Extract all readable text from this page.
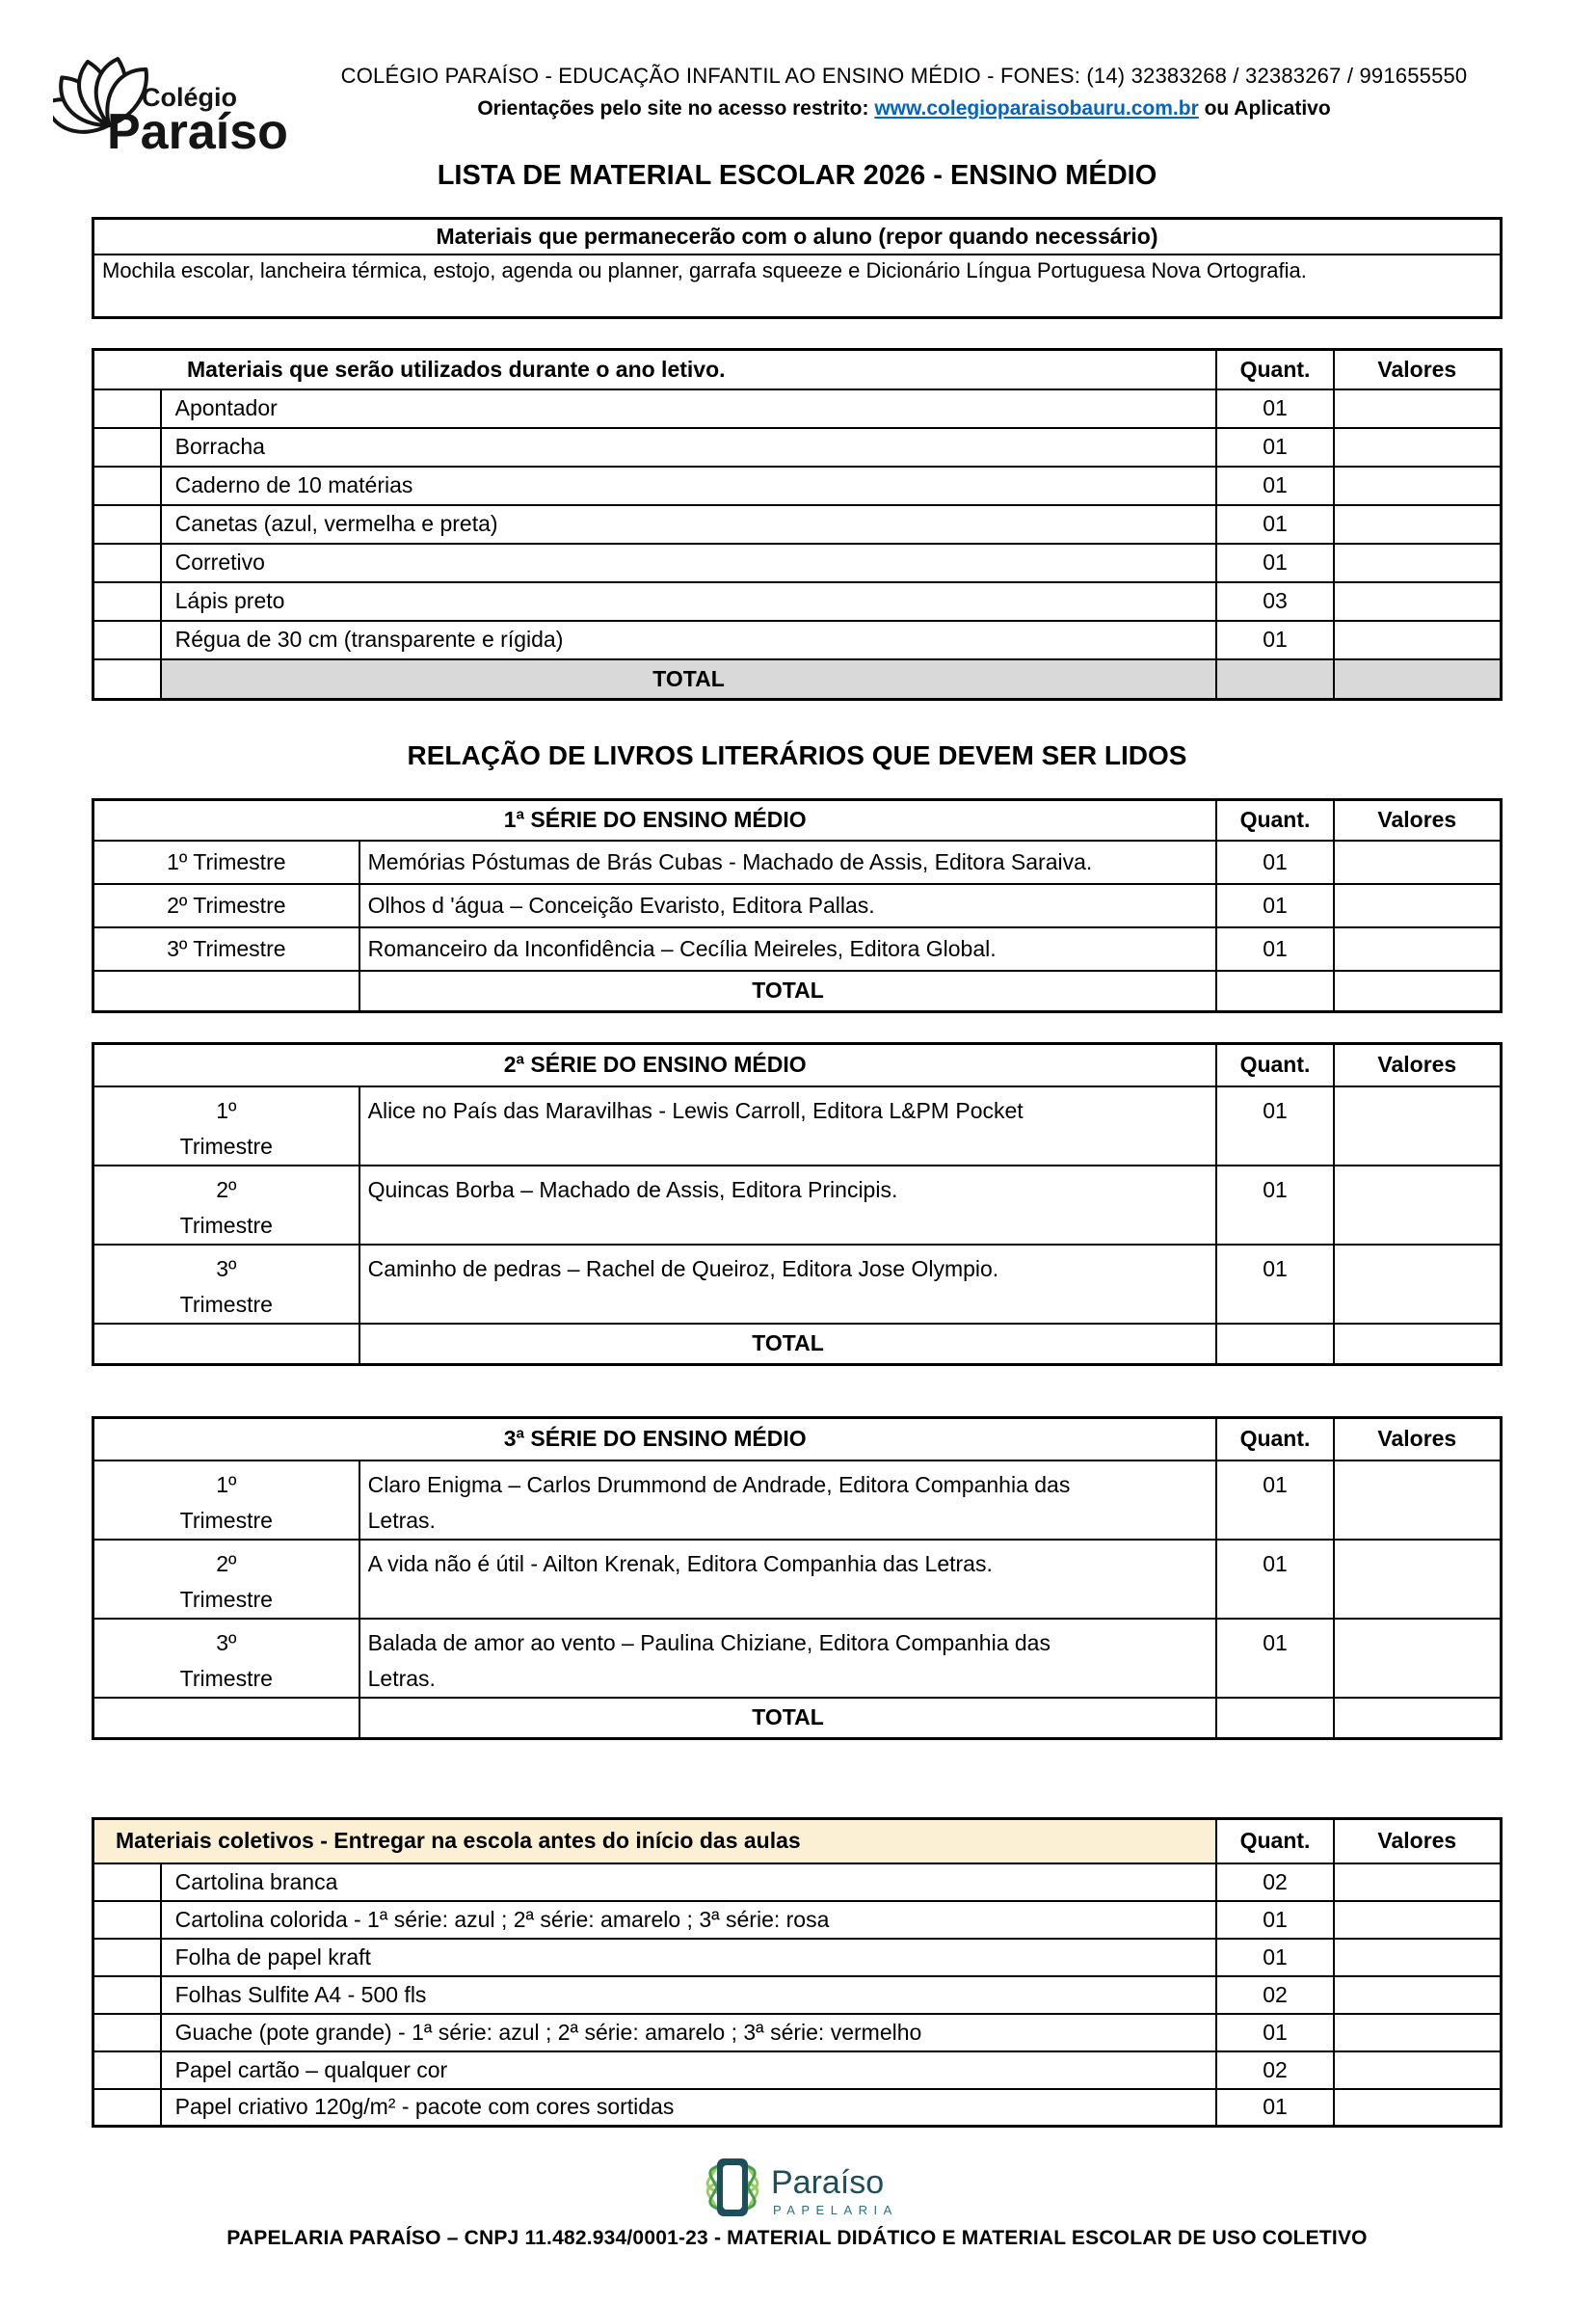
Colégio
Paraíso
COLÉGIO PARAÍSO - EDUCAÇÃO INFANTIL AO ENSINO MÉDIO - FONES: (14) 32383268 / 32383267 / 991655550
Orientações pelo site no acesso restrito: www.colegioparaisobauru.com.br ou Aplicativo
LISTA DE MATERIAL ESCOLAR 2026 - ENSINO MÉDIO
Materiais que permanecerão com o aluno (repor quando necessário)
Mochila escolar, lancheira térmica, estojo, agenda ou planner, garrafa squeeze e Dicionário Língua Portuguesa Nova Ortografia.
Materiais que serão utilizados durante o ano letivo.		Quant.	Valores
	Apontador	01	
	Borracha	01	
	Caderno de 10 matérias	01	
	Canetas (azul, vermelha e preta)	01	
	Corretivo	01	
	Lápis preto	03	
	Régua de 30 cm (transparente e rígida)	01	
	TOTAL		
RELAÇÃO DE LIVROS LITERÁRIOS QUE DEVEM SER LIDOS
1ª SÉRIE DO ENSINO MÉDIO		Quant.	Valores
1º Trimestre	Memórias Póstumas de Brás Cubas - Machado de Assis, Editora Saraiva.	01	
2º Trimestre	Olhos d 'água – Conceição Evaristo, Editora Pallas.	01	
3º Trimestre	Romanceiro da Inconfidência – Cecília Meireles, Editora Global.	01	
	TOTAL		
2ª SÉRIE DO ENSINO MÉDIO		Quant.	Valores
1º
Trimestre	Alice no País das Maravilhas - Lewis Carroll, Editora L&PM Pocket	01	
2º
Trimestre	Quincas Borba – Machado de Assis, Editora Principis.	01	
3º
Trimestre	Caminho de pedras – Rachel de Queiroz, Editora Jose Olympio.	01	
	TOTAL		
3ª SÉRIE DO ENSINO MÉDIO		Quant.	Valores
1º
Trimestre	Claro Enigma – Carlos Drummond de Andrade, Editora Companhia das
Letras.	01	
2º
Trimestre	A vida não é útil - Ailton Krenak, Editora Companhia das Letras.	01	
3º
Trimestre	Balada de amor ao vento – Paulina Chiziane, Editora Companhia das
Letras.	01	
	TOTAL		
Materiais coletivos - Entregar na escola antes do início das aulas		Quant.	Valores
	Cartolina branca	02	
	Cartolina colorida - 1ª série: azul ; 2ª série: amarelo ; 3ª série: rosa	01	
	Folha de papel kraft	01	
	Folhas Sulfite A4 - 500 fls	02	
	Guache (pote grande) - 1ª série: azul ; 2ª série: amarelo ; 3ª série: vermelho	01	
	Papel cartão – qualquer cor	02	
	Papel criativo 120g/m² - pacote com cores sortidas	01	
Paraíso
PAPELARIA
PAPELARIA PARAÍSO – CNPJ 11.482.934/0001-23 - MATERIAL DIDÁTICO E MATERIAL ESCOLAR DE USO COLETIVO
